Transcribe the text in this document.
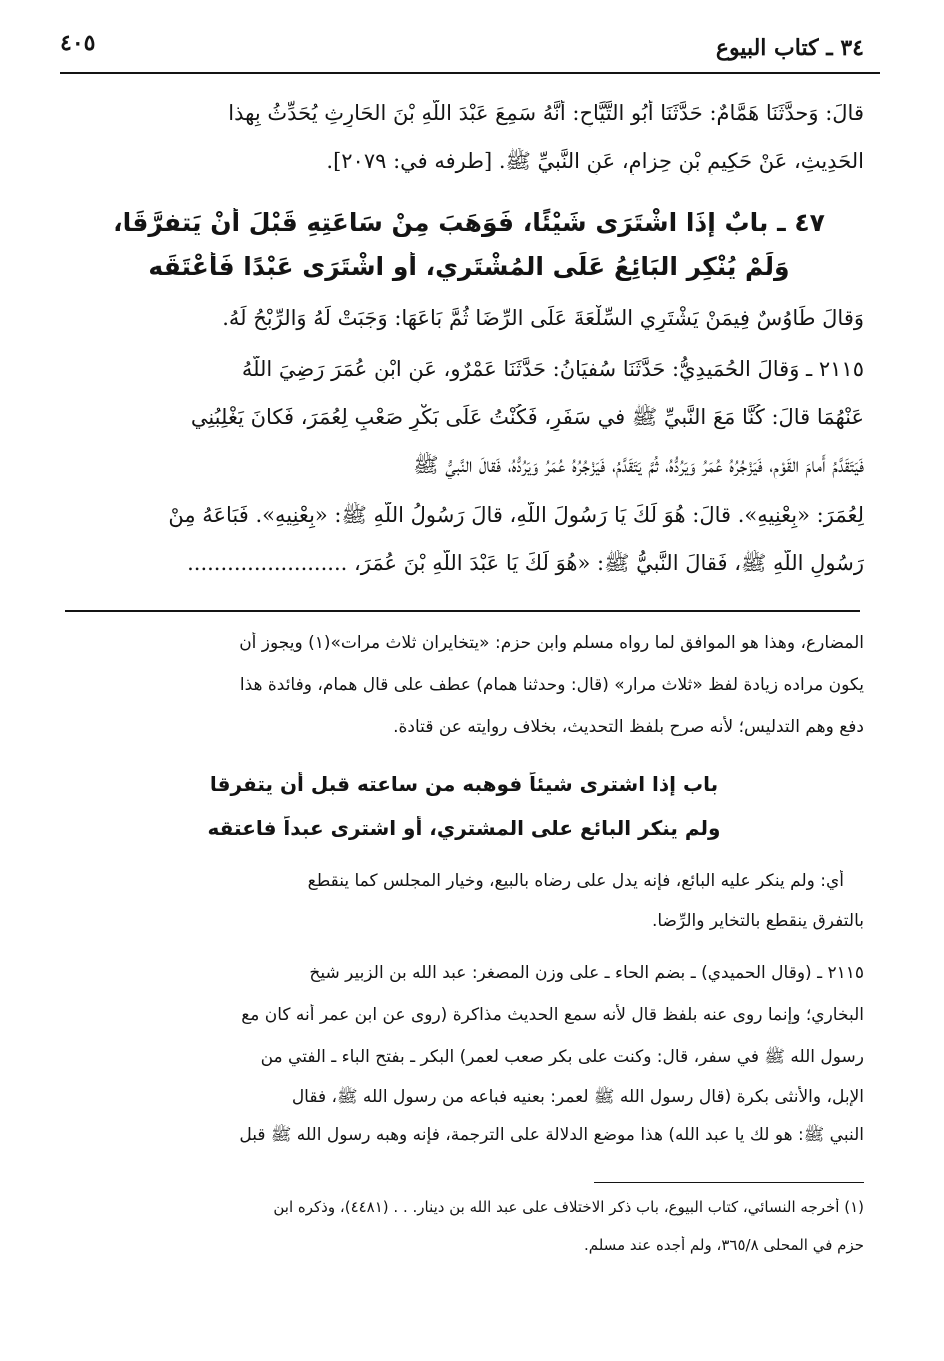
٣٤ ـ كتاب البيوع
٤٠٥
قالَ: وَحدَّثَنَا هَمَّامٌ: حَدَّثَنَا أَبُو التَّيَّاحِ: أَنَّهُ سَمِعَ عَبْدَ اللَّهِ بْنَ الحَارِثِ يُحَدِّثُ بِهذا
الحَدِيثِ، عَنْ حَكِيمِ بْنِ حِزامٍ، عَنِ النَّبيِّ ﷺ. [طرفه في: ٢٠٧٩].
٤٧ ـ بابٌ إِذَا اشْتَرَى شَيْئًا، فَوَهَبَ مِنْ سَاعَتِهِ قَبْلَ أَنْ يَتفرَّقَا،
وَلَمْ يُنْكِرِ البَائِعُ عَلَى المُشْتَرِي، أَوِ اشْتَرَى عَبْدًا فَأَعْتَقَه
وَقالَ طَاوُسٌ فِيمَنْ يَشْتَرِي السِّلْعَةَ عَلَى الرِّضَا ثُمَّ بَاعَهَا: وَجَبَتْ لَهُ وَالرِّبْحُ لَهُ.
٢١١٥ ـ وَقالَ الحُمَيدِيُّ: حَدَّثَنَا سُفيَانُ: حَدَّثَنَا عَمْرٌو، عَنِ ابْنِ عُمَرَ رَضِيَ اللَّهُ
عَنْهُمَا قالَ: كُنَّا مَعَ النَّبيِّ ﷺ في سَفَرٍ، فَكُنْتُ عَلَى بَكْرٍ صَعْبٍ لِعُمَرَ، فَكانَ يَغْلِبُنِي
فَيَتَقَدَّمُ أَمامَ القَوْمِ، فَيَزْجُرُهُ عُمَرُ وَيَرُدُّهُ، ثُمَّ يَتَقَدَّمُ، فَيَزْجُرُهُ عُمَرُ وَيَرُدُّهُ، فَقالَ النَّبيُّ ﷺ
لِعُمَرَ: «بِعْنِيهِ». قالَ: هُوَ لَكَ يَا رَسُولَ اللَّهِ، قالَ رَسُولُ اللَّهِ ﷺ: «بِعْنِيهِ». فَبَاعَهُ مِنْ
رَسُولِ اللَّهِ ﷺ، فَقالَ النَّبيُّ ﷺ: «هُوَ لَكَ يَا عَبْدَ اللَّهِ بْنَ عُمَرَ، ........................
المضارع، وهذا هو الموافق لما رواه مسلم وابن حزم: «يتخايران ثلاث مرات»(١) ويجوز أن
يكون مراده زيادة لفظ «ثلاث مرار» (قال: وحدثنا همام) عطف على قال همام، وفائدة هذا
دفع وهم التدليس؛ لأنه صرح بلفظ التحديث، بخلاف روايته عن قتادة.
باب إذا اشترى شيئاً فوهبه من ساعته قبل أن يتفرقا
ولم ينكر البائع على المشتري، أو اشترى عبداً فاعتقه
أي: ولم ينكر عليه البائع، فإنه يدل على رضاه بالبيع، وخيار المجلس كما ينقطع
بالتفرق ينقطع بالتخاير والرِّضا.
٢١١٥ ـ (وقال الحميدي) ـ بضم الحاء ـ على وزن المصغر: عبد الله بن الزبير شيخ
البخاري؛ وإنما روى عنه بلفظ قال لأنه سمع الحديث مذاكرة (روى عن ابن عمر أنه كان مع
رسول الله ﷺ في سفر، قال: وكنت على بكر صعب لعمر) البكر ـ بفتح الباء ـ الفتي من
الإبل، والأنثى بكرة (قال رسول الله ﷺ لعمر: بعنيه فباعه من رسول الله ﷺ، فقال
النبي ﷺ: هو لك يا عبد الله) هذا موضع الدلالة على الترجمة، فإنه وهبه رسول الله ﷺ قبل
(١) أخرجه النسائي، كتاب البيوع، باب ذكر الاختلاف على عبد الله بن دينار. . . (٤٤٨١)، وذكره ابن
حزم في المحلى ٣٦٥/٨، ولم أجده عند مسلم.
